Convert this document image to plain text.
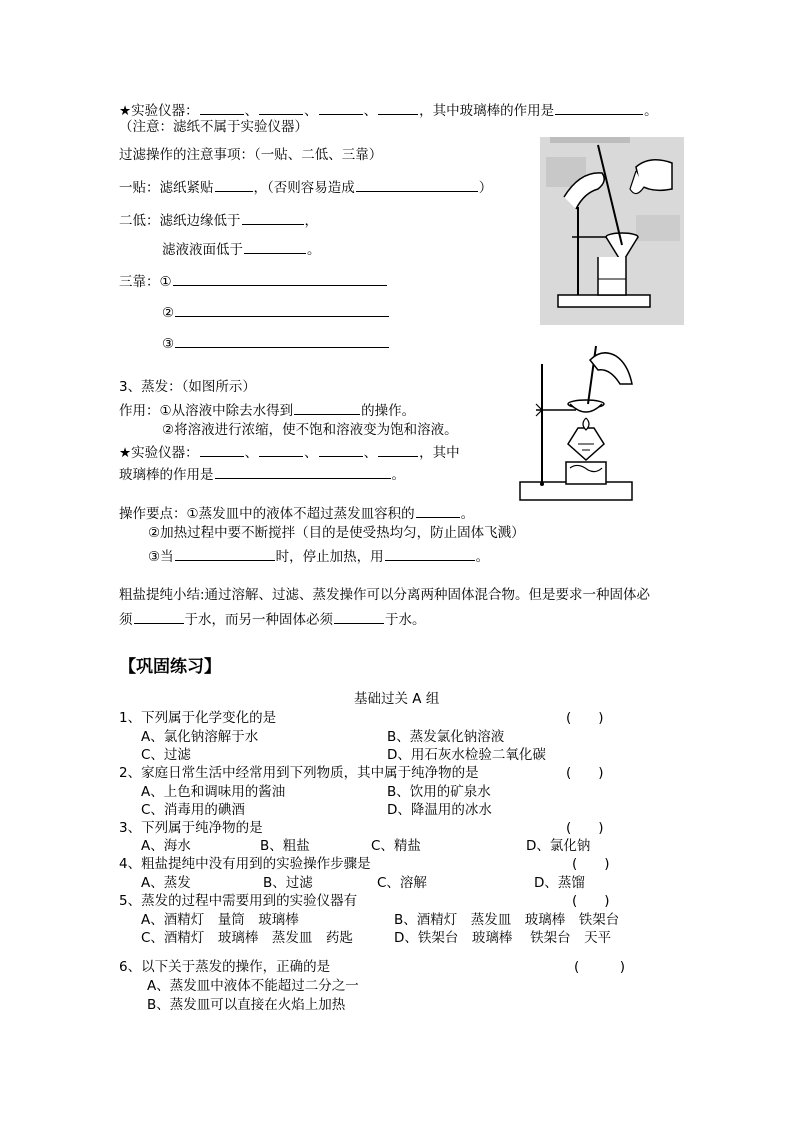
★实验仪器：	、	、	、	，其中玻璃棒的作用是	。
（注意：滤纸不属于实验仪器）
过滤操作的注意事项：（一贴、二低、三靠）
一贴：滤纸紧贴	，（否则容易造成	）
二低：滤纸边缘低于	，
滤液液面低于	。
三靠：①
②
③
3、蒸发：（如图所示）
作用：①从溶液中除去水得到	的操作。
②将溶液进行浓缩，使不饱和溶液变为饱和溶液。
★实验仪器：	、	、	、	，其中
玻璃棒的作用是	。
操作要点：①蒸发皿中的液体不超过蒸发皿容积的	。
②加热过程中要不断搅拌（目的是使受热均匀，防止固体飞溅）
③当	时，停止加热，用	。
粗盐提纯小结:通过溶解、过滤、蒸发操作可以分离两种固体混合物。但是要求一种固体必
须	于水，而另一种固体必须	于水。
【巩固练习】
基础过关 A 组
1、下列属于化学变化的是	(　　)
A、氯化钠溶解于水	B、蒸发氯化钠溶液
C、过滤	D、用石灰水检验二氧化碳
2、家庭日常生活中经常用到下列物质，其中属于纯净物的是	(　　)
A、上色和调味用的酱油	B、饮用的矿泉水
C、消毒用的碘酒	D、降温用的冰水
3、下列属于纯净物的是	(　　)
A、海水	B、粗盐	C、精盐	D、氯化钠
4、粗盐提纯中没有用到的实验操作步骤是	(　　)
A、蒸发	B、过滤	C、溶解	D、蒸馏
5、蒸发的过程中需要用到的实验仪器有	(　　)
A、酒精灯　量筒　玻璃棒	B、酒精灯　蒸发皿　玻璃棒　铁架台
C、酒精灯　玻璃棒　蒸发皿　药匙	D、铁架台　玻璃棒　 铁架台　天平
6、以下关于蒸发的操作，正确的是	(　　　)
A、蒸发皿中液体不能超过二分之一
B、蒸发皿可以直接在火焰上加热
